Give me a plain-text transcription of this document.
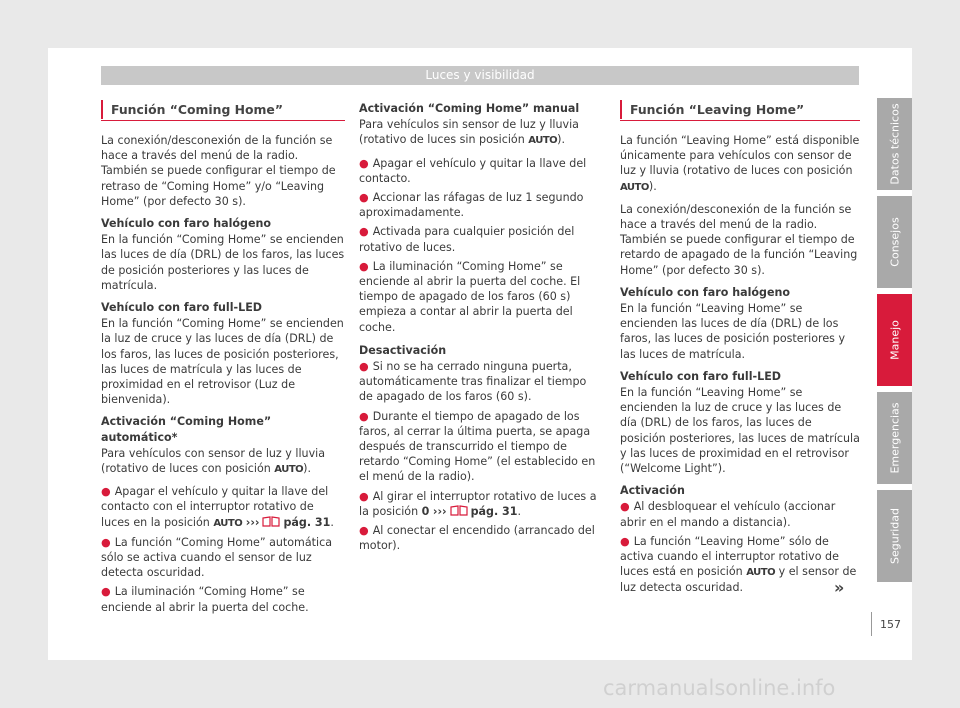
Luces y visibilidad
Función “Coming Home”
La conexión/desconexión de la función se hace a través del menú de la radio. También se puede configurar el tiempo de retraso de “Coming Home” y/o “Leaving Home” (por defecto 30 s).
Vehículo con faro halógeno
En la función “Coming Home” se encienden las luces de día (DRL) de los faros, las luces de posición posteriores y las luces de matrícula.
Vehículo con faro full-LED
En la función “Coming Home” se encienden la luz de cruce y las luces de día (DRL) de los faros, las luces de posición posteriores, las luces de matrícula y las luces de proximidad en el retrovisor (Luz de bienvenida).
Activación “Coming Home” automático*
Para vehículos con sensor de luz y lluvia (rotativo de luces con posición AUTO).
● Apagar el vehículo y quitar la llave del contacto con el interruptor rotativo de luces en la posición AUTO ››› pág. 31.
● La función “Coming Home” automática sólo se activa cuando el sensor de luz detecta oscuridad.
● La iluminación “Coming Home” se enciende al abrir la puerta del coche.
Activación “Coming Home” manual
Para vehículos sin sensor de luz y lluvia (rotativo de luces sin posición AUTO).
● Apagar el vehículo y quitar la llave del contacto.
● Accionar las ráfagas de luz 1 segundo aproximadamente.
● Activada para cualquier posición del rotativo de luces.
● La iluminación “Coming Home” se enciende al abrir la puerta del coche. El tiempo de apagado de los faros (60 s) empieza a contar al abrir la puerta del coche.
Desactivación
● Si no se ha cerrado ninguna puerta, automáticamente tras finalizar el tiempo de apagado de los faros (60 s).
● Durante el tiempo de apagado de los faros, al cerrar la última puerta, se apaga después de transcurrido el tiempo de retardo “Coming Home” (el establecido en el menú de la radio).
● Al girar el interruptor rotativo de luces a la posición 0 ››› pág. 31.
● Al conectar el encendido (arrancado del motor).
Función “Leaving Home”
La función “Leaving Home” está disponible únicamente para vehículos con sensor de luz y lluvia (rotativo de luces con posición AUTO).
La conexión/desconexión de la función se hace a través del menú de la radio. También se puede configurar el tiempo de retardo de apagado de la función “Leaving Home” (por defecto 30 s).
Vehículo con faro halógeno
En la función “Leaving Home” se encienden las luces de día (DRL) de los faros, las luces de posición posteriores y las luces de matrícula.
Vehículo con faro full-LED
En la función “Leaving Home” se encienden la luz de cruce y las luces de día (DRL) de los faros, las luces de posición posteriores, las luces de matrícula y las luces de proximidad en el retrovisor (“Welcome Light”).
Activación
● Al desbloquear el vehículo (accionar abrir en el mando a distancia).
● La función “Leaving Home” sólo de activa cuando el interruptor rotativo de luces está en posición AUTO y el sensor de luz detecta oscuridad.	»
Datos técnicos
Consejos
Manejo
Emergencias
Seguridad
157
carmanualsonline.info
